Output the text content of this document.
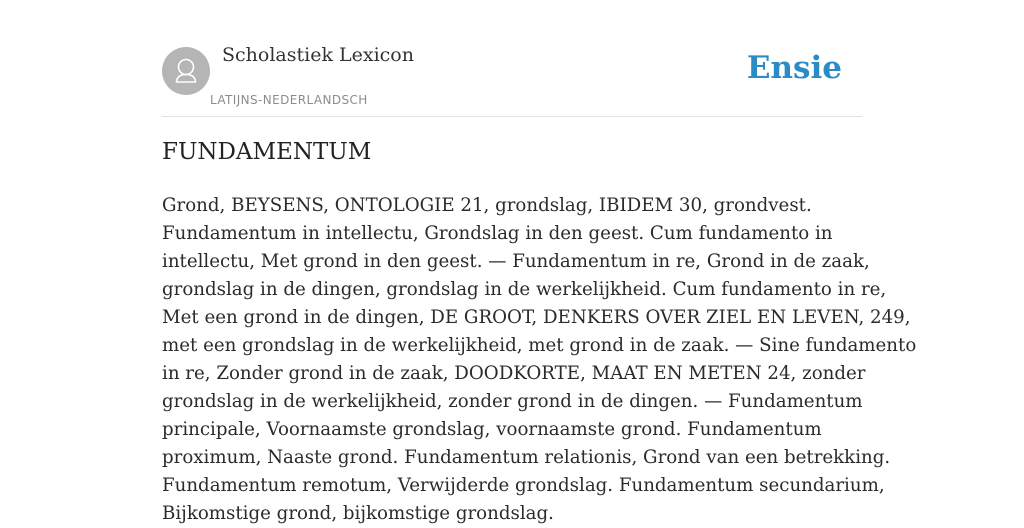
Scholastiek Lexicon
LATIJNS-NEDERLANDSCH
Ensie
FUNDAMENTUM
Grond, BEYSENS, ONTOLOGIE 21, grondslag, IBIDEM 30, grondvest.
Fundamentum in intellectu, Grondslag in den geest. Cum fundamento in
intellectu, Met grond in den geest. — Fundamentum in re, Grond in de zaak,
grondslag in de dingen, grondslag in de werkelijkheid. Cum fundamento in re,
Met een grond in de dingen, DE GROOT, DENKERS OVER ZIEL EN LEVEN, 249,
met een grondslag in de werkelijkheid, met grond in de zaak. — Sine fundamento
in re, Zonder grond in de zaak, DOODKORTE, MAAT EN METEN 24, zonder
grondslag in de werkelijkheid, zonder grond in de dingen. — Fundamentum
principale, Voornaamste grondslag, voornaamste grond. Fundamentum
proximum, Naaste grond. Fundamentum relationis, Grond van een betrekking.
Fundamentum remotum, Verwijderde grondslag. Fundamentum secundarium,
Bijkomstige grond, bijkomstige grondslag.
